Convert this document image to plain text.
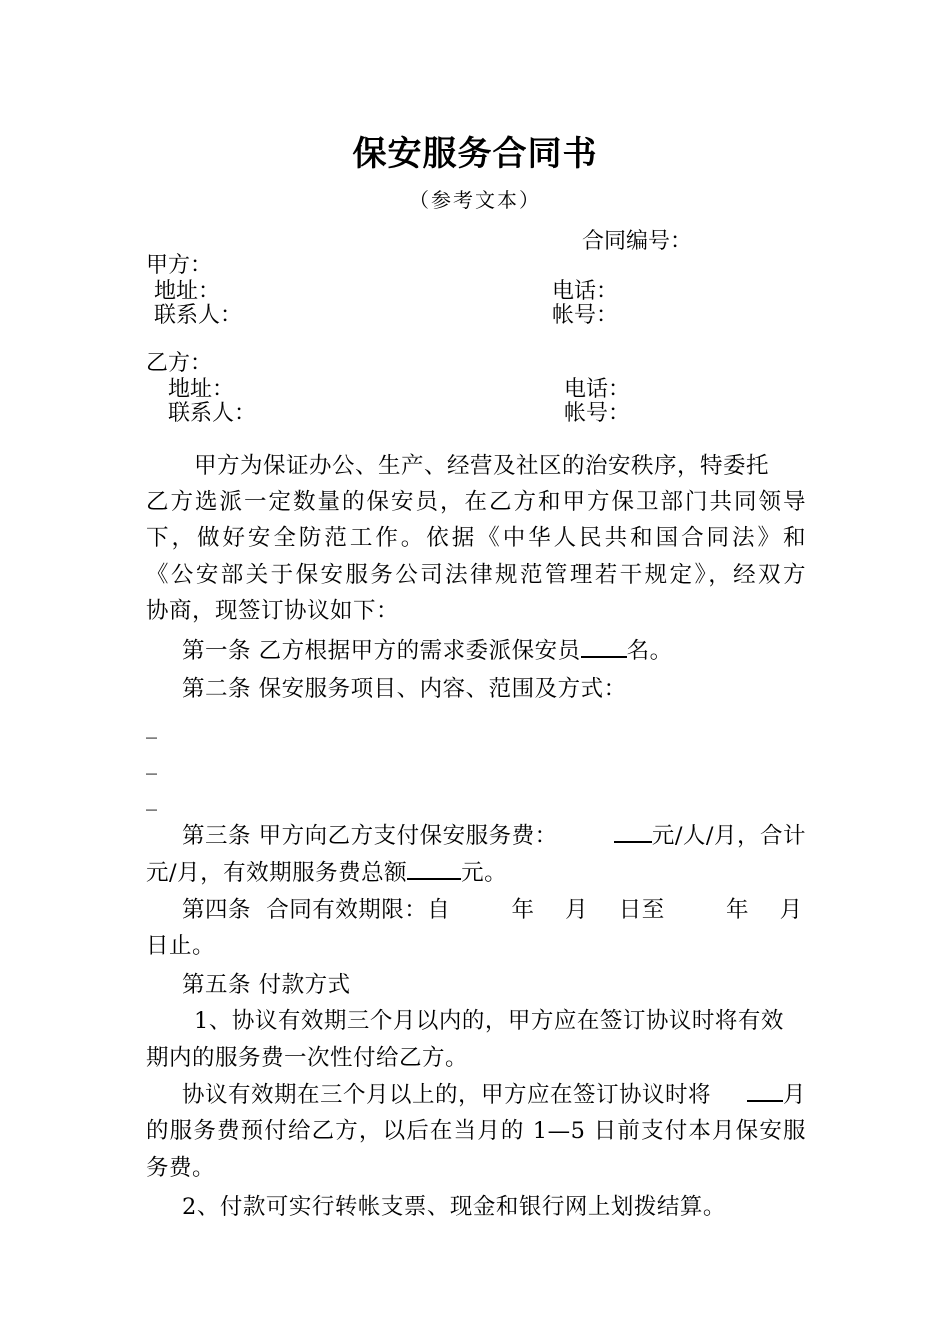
保安服务合同书
（参考文本）
合同编号：
甲方：
地址：	电话：
联系人：	帐号：
乙方：
地址：	电话：
联系人：	帐号：
甲方为保证办公、生产、经营及社区的治安秩序，特委托
乙方选派一定数量的保安员，在乙方和甲方保卫部门共同领导
下，做好安全防范工作。依据《中华人民共和国合同法》和
《公安部关于保安服务公司法律规范管理若干规定》，经双方
协商，现签订协议如下：
第一条 乙方根据甲方的需求委派保安员 名。
第二条 保安服务项目、内容、范围及方式：
_
_
_
第三条 甲方向乙方支付保安服务费：	元/人/月，合计
元/月，有效期服务费总额 元。
第四条  合同有效期限：自        年    月    日至        年    月
日止。
第五条 付款方式
1、协议有效期三个月以内的，甲方应在签订协议时将有效
期内的服务费一次性付给乙方。
协议有效期在三个月以上的，甲方应在签订协议时将	月
的服务费预付给乙方，以后在当月的 1—5 日前支付本月保安服
务费。
2、付款可实行转帐支票、现金和银行网上划拨结算。
